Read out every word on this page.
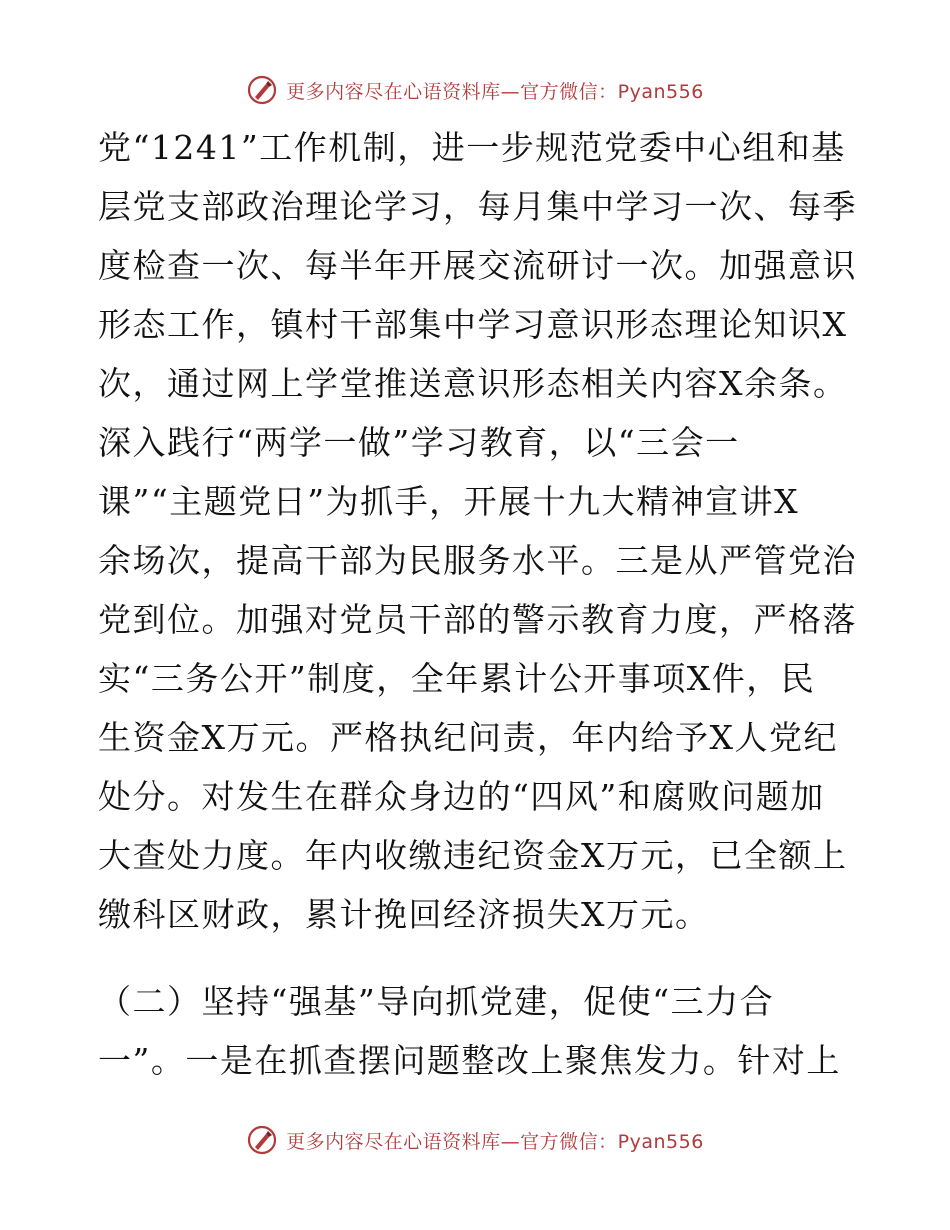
更多内容尽在心语资料库—官方微信：Pyan556
党“1241”工作机制，进一步规范党委中心组和基
层党支部政治理论学习，每月集中学习一次、每季
度检查一次、每半年开展交流研讨一次。加强意识
形态工作，镇村干部集中学习意识形态理论知识X
次，通过网上学堂推送意识形态相关内容X余条。
深入践行“两学一做”学习教育，以“三会一
课”“主题党日”为抓手，开展十九大精神宣讲X
余场次，提高干部为民服务水平。三是从严管党治
党到位。加强对党员干部的警示教育力度，严格落
实“三务公开”制度，全年累计公开事项X件，民
生资金X万元。严格执纪问责，年内给予X人党纪
处分。对发生在群众身边的“四风”和腐败问题加
大查处力度。年内收缴违纪资金X万元，已全额上
缴科区财政，累计挽回经济损失X万元。
（二）坚持“强基”导向抓党建，促使“三力合
一”。一是在抓查摆问题整改上聚焦发力。针对上
更多内容尽在心语资料库—官方微信：Pyan556
